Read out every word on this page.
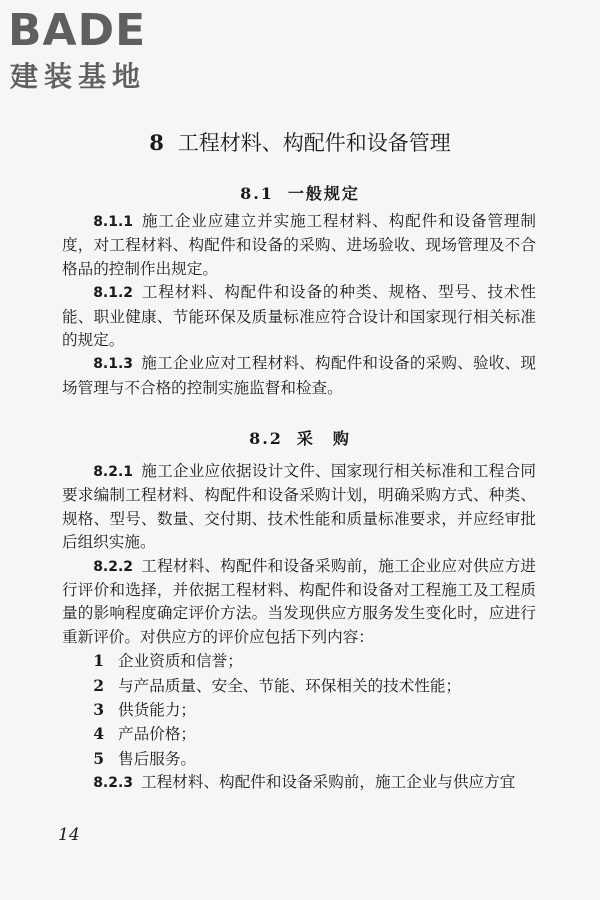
BADE
建装基地
8 工程材料、构配件和设备管理
8.1 一般规定

8.1.1 施工企业应建立并实施工程材料、构配件和设备管理制度，对工程材料、构配件和设备的采购、进场验收、现场管理及不合格品的控制作出规定。

8.1.2 工程材料、构配件和设备的种类、规格、型号、技术性能、职业健康、节能环保及质量标准应符合设计和国家现行相关标准的规定。

8.1.3 施工企业应对工程材料、构配件和设备的采购、验收、现场管理与不合格的控制实施监督和检查。

8.2 采　购

8.2.1 施工企业应依据设计文件、国家现行相关标准和工程合同要求编制工程材料、构配件和设备采购计划，明确采购方式、种类、规格、型号、数量、交付期、技术性能和质量标准要求，并应经审批后组织实施。

8.2.2 工程材料、构配件和设备采购前，施工企业应对供应方进行评价和选择，并依据工程材料、构配件和设备对工程施工及工程质量的影响程度确定评价方法。当发现供应方服务发生变化时，应进行重新评价。对供应方的评价应包括下列内容：

1 企业资质和信誉；
2 与产品质量、安全、节能、环保相关的技术性能；
3 供货能力；
4 产品价格；
5 售后服务。

8.2.3 工程材料、构配件和设备采购前，施工企业与供应方宜

14
